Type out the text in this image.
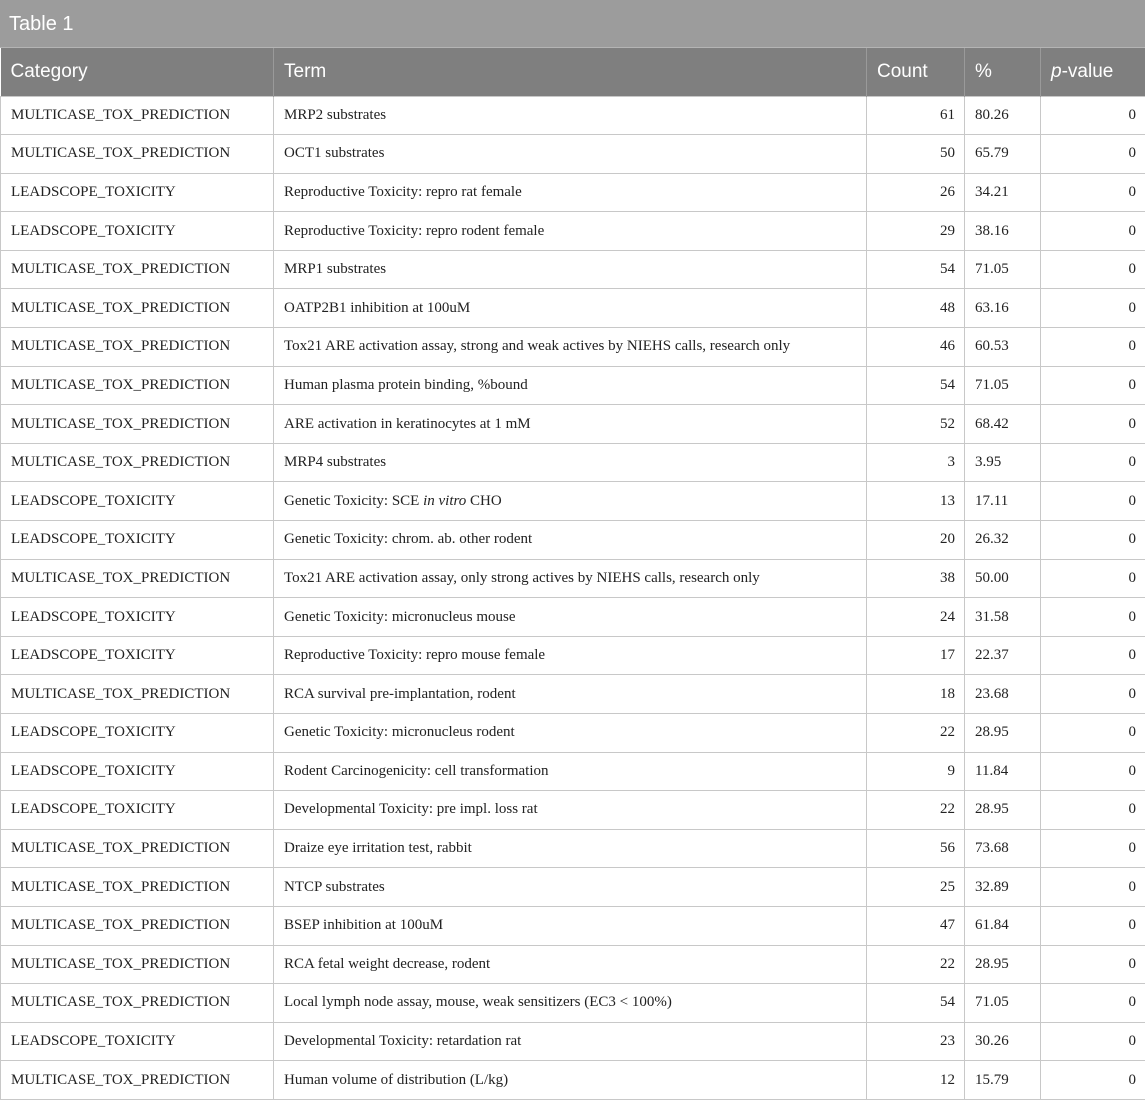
Table 1
Category	Term	Count	%	p-value
MULTICASE_TOX_PREDICTION	MRP2 substrates	61	80.26	0
MULTICASE_TOX_PREDICTION	OCT1 substrates	50	65.79	0
LEADSCOPE_TOXICITY	Reproductive Toxicity: repro rat female	26	34.21	0
LEADSCOPE_TOXICITY	Reproductive Toxicity: repro rodent female	29	38.16	0
MULTICASE_TOX_PREDICTION	MRP1 substrates	54	71.05	0
MULTICASE_TOX_PREDICTION	OATP2B1 inhibition at 100uM	48	63.16	0
MULTICASE_TOX_PREDICTION	Tox21 ARE activation assay, strong and weak actives by NIEHS calls, research only	46	60.53	0
MULTICASE_TOX_PREDICTION	Human plasma protein binding, %bound	54	71.05	0
MULTICASE_TOX_PREDICTION	ARE activation in keratinocytes at 1 mM	52	68.42	0
MULTICASE_TOX_PREDICTION	MRP4 substrates	3	3.95	0
LEADSCOPE_TOXICITY	Genetic Toxicity: SCE in vitro CHO	13	17.11	0
LEADSCOPE_TOXICITY	Genetic Toxicity: chrom. ab. other rodent	20	26.32	0
MULTICASE_TOX_PREDICTION	Tox21 ARE activation assay, only strong actives by NIEHS calls, research only	38	50.00	0
LEADSCOPE_TOXICITY	Genetic Toxicity: micronucleus mouse	24	31.58	0
LEADSCOPE_TOXICITY	Reproductive Toxicity: repro mouse female	17	22.37	0
MULTICASE_TOX_PREDICTION	RCA survival pre-implantation, rodent	18	23.68	0
LEADSCOPE_TOXICITY	Genetic Toxicity: micronucleus rodent	22	28.95	0
LEADSCOPE_TOXICITY	Rodent Carcinogenicity: cell transformation	9	11.84	0
LEADSCOPE_TOXICITY	Developmental Toxicity: pre impl. loss rat	22	28.95	0
MULTICASE_TOX_PREDICTION	Draize eye irritation test, rabbit	56	73.68	0
MULTICASE_TOX_PREDICTION	NTCP substrates	25	32.89	0
MULTICASE_TOX_PREDICTION	BSEP inhibition at 100uM	47	61.84	0
MULTICASE_TOX_PREDICTION	RCA fetal weight decrease, rodent	22	28.95	0
MULTICASE_TOX_PREDICTION	Local lymph node assay, mouse, weak sensitizers (EC3 < 100%)	54	71.05	0
LEADSCOPE_TOXICITY	Developmental Toxicity: retardation rat	23	30.26	0
MULTICASE_TOX_PREDICTION	Human volume of distribution (L/kg)	12	15.79	0
